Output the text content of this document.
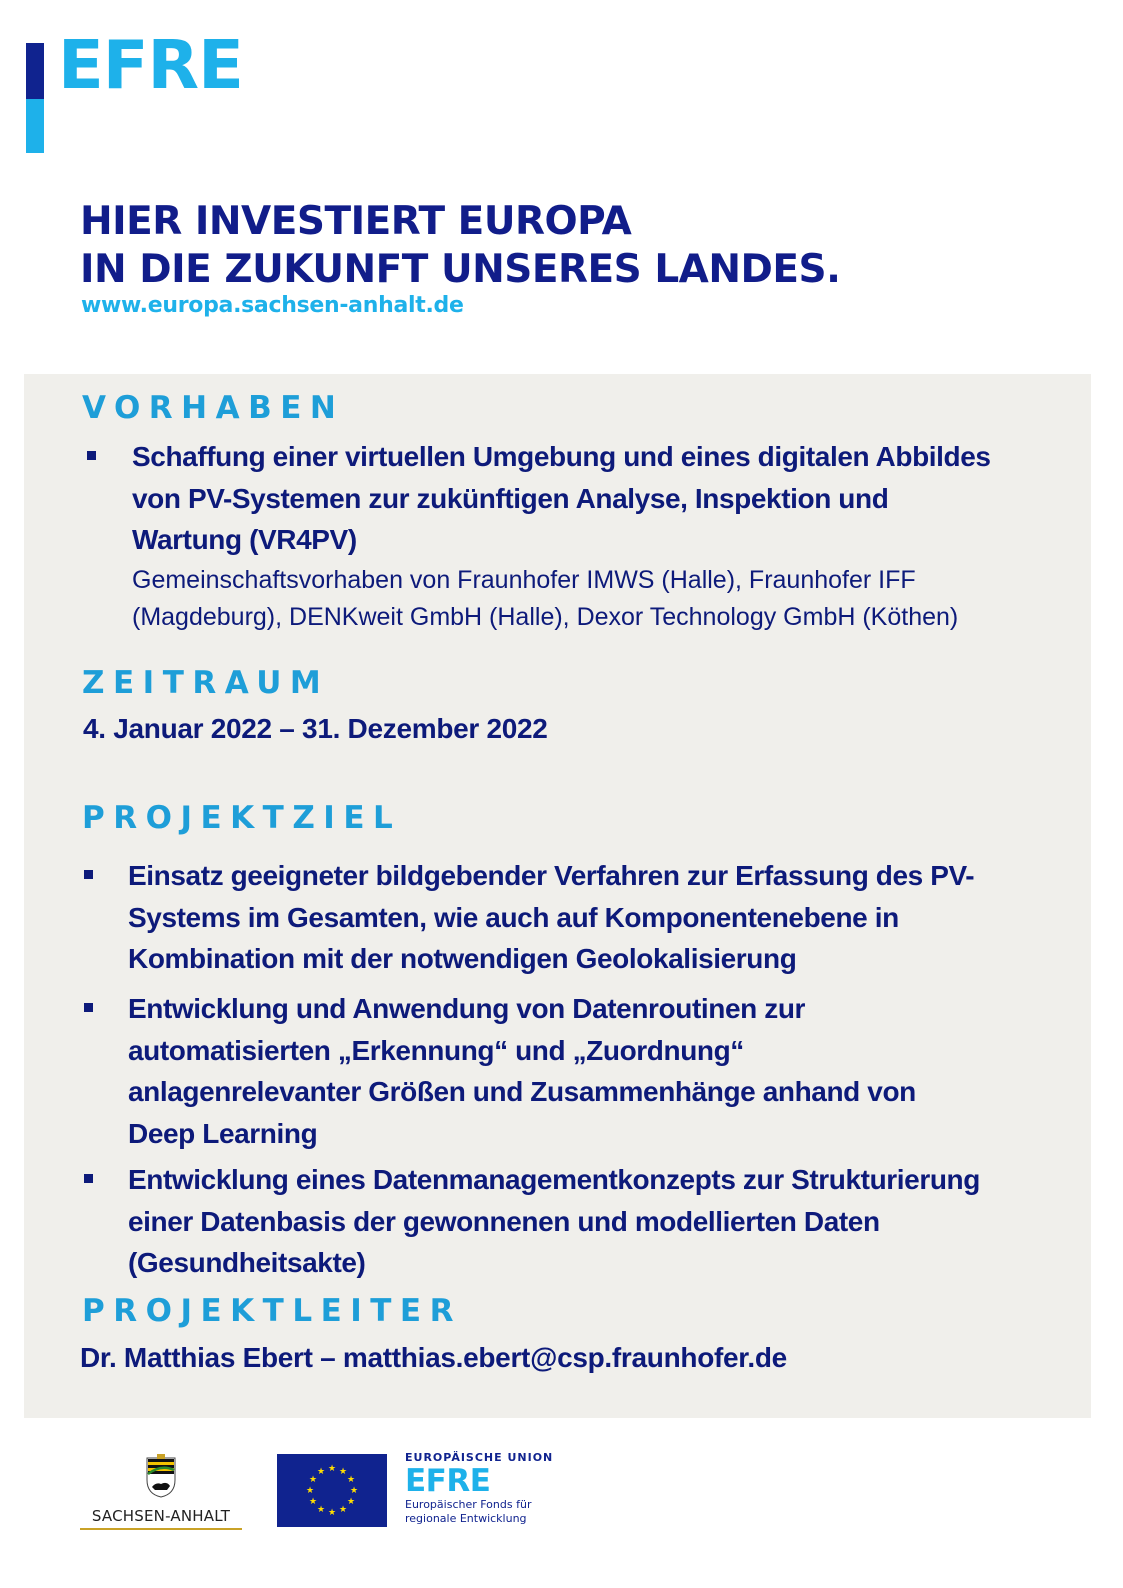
EFRE
HIER INVESTIERT EUROPA
IN DIE ZUKUNFT UNSERES LANDES.
www.europa.sachsen-anhalt.de
VORHABEN
Schaffung einer virtuellen Umgebung und eines digitalen Abbildes
von PV-Systemen zur zukünftigen Analyse, Inspektion und
Wartung (VR4PV)
Gemeinschaftsvorhaben von Fraunhofer IMWS (Halle), Fraunhofer IFF
(Magdeburg), DENKweit GmbH (Halle), Dexor Technology GmbH (Köthen)
ZEITRAUM
4. Januar 2022 – 31. Dezember 2022
PROJEKTZIEL
Einsatz geeigneter bildgebender Verfahren zur Erfassung des PV-
Systems im Gesamten, wie auch auf Komponentenebene in
Kombination mit der notwendigen Geolokalisierung
Entwicklung und Anwendung von Datenroutinen zur
automatisierten „Erkennung“ und „Zuordnung“
anlagenrelevanter Größen und Zusammenhänge anhand von
Deep Learning
Entwicklung eines Datenmanagementkonzepts zur Strukturierung
einer Datenbasis der gewonnenen und modellierten Daten
(Gesundheitsakte)
PROJEKTLEITER
Dr. Matthias Ebert – matthias.ebert@csp.fraunhofer.de
SACHSEN-ANHALT
★ ★
★
★
★
★
★
★
★
★
★
★
EUROPÄISCHE UNION
EFRE
Europäischer Fonds für
regionale Entwicklung
